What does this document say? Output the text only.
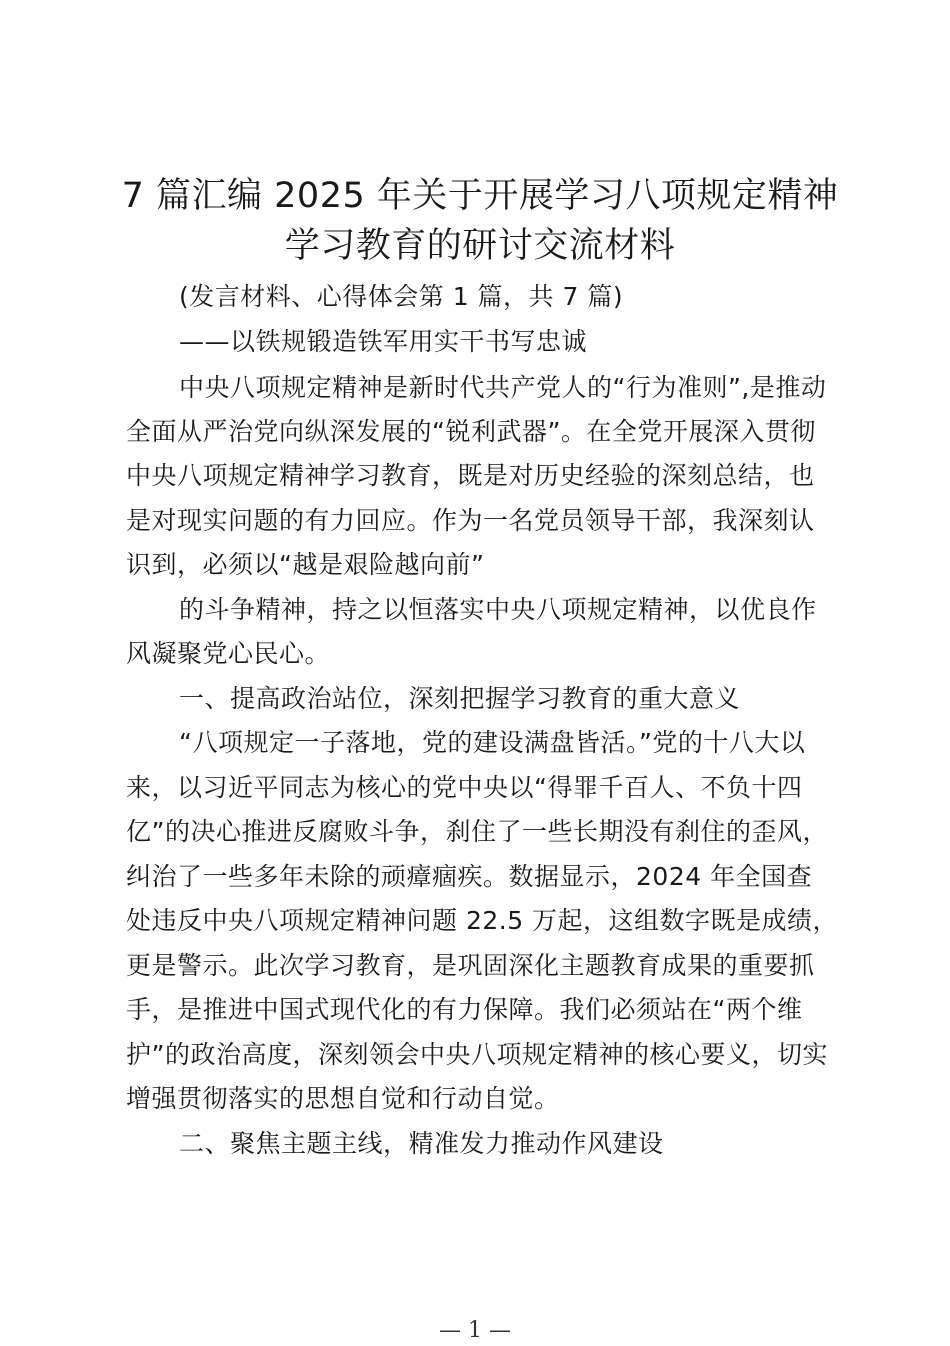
7 篇汇编 2025 年关于开展学习八项规定精神
学习教育的研讨交流材料

(发言材料、心得体会第 1 篇，共 7 篇)

——以铁规锻造铁军用实干书写忠诚

中央八项规定精神是新时代共产党人的“行为准则”,是推动

全面从严治党向纵深发展的“锐利武器”。在全党开展深入贯彻

中央八项规定精神学习教育，既是对历史经验的深刻总结，也

是对现实问题的有力回应。作为一名党员领导干部，我深刻认

识到，必须以“越是艰险越向前”

的斗争精神，持之以恒落实中央八项规定精神，以优良作

风凝聚党心民心。

一、提高政治站位，深刻把握学习教育的重大意义

“八项规定一子落地，党的建设满盘皆活。”党的十八大以

来，以习近平同志为核心的党中央以“得罪千百人、不负十四

亿”的决心推进反腐败斗争，刹住了一些长期没有刹住的歪风，

纠治了一些多年未除的顽瘴痼疾。数据显示，2024 年全国查

处违反中央八项规定精神问题 22.5 万起，这组数字既是成绩，

更是警示。此次学习教育，是巩固深化主题教育成果的重要抓

手，是推进中国式现代化的有力保障。我们必须站在“两个维

护”的政治高度，深刻领会中央八项规定精神的核心要义，切实

增强贯彻落实的思想自觉和行动自觉。

二、聚焦主题主线，精准发力推动作风建设

— 1 —
